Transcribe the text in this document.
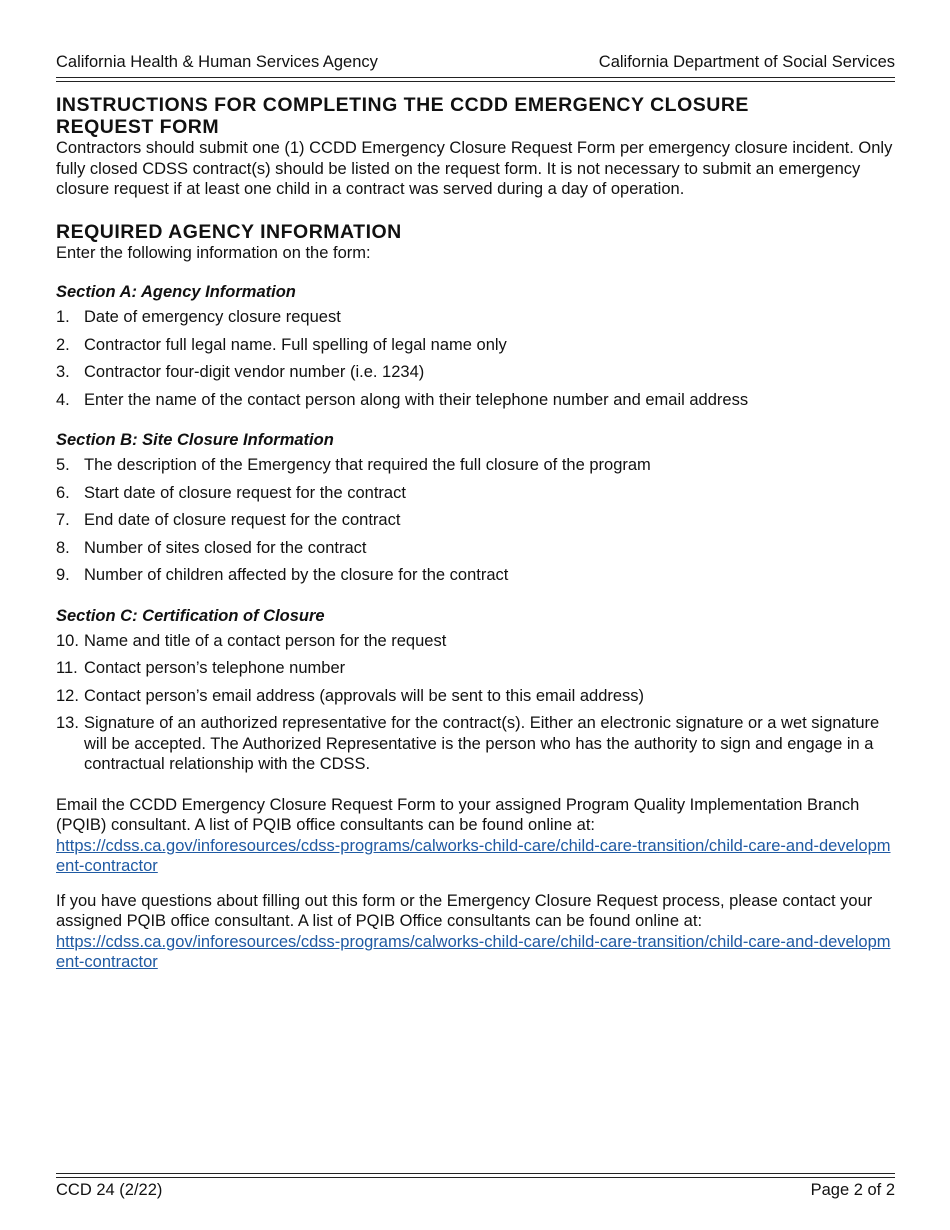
California Health & Human Services Agency	California Department of Social Services
INSTRUCTIONS FOR COMPLETING THE CCDD EMERGENCY CLOSURE REQUEST FORM

Contractors should submit one (1) CCDD Emergency Closure Request Form per emergency closure incident. Only fully closed CDSS contract(s) should be listed on the request form. It is not necessary to submit an emergency closure request if at least one child in a contract was served during a day of operation.

REQUIRED AGENCY INFORMATION

Enter the following information on the form:

Section A: Agency Information
1. Date of emergency closure request
2. Contractor full legal name. Full spelling of legal name only
3. Contractor four-digit vendor number (i.e. 1234)
4. Enter the name of the contact person along with their telephone number and email address
Section B: Site Closure Information
5. The description of the Emergency that required the full closure of the program
6. Start date of closure request for the contract
7. End date of closure request for the contract
8. Number of sites closed for the contract
9. Number of children affected by the closure for the contract
Section C: Certification of Closure
10. Name and title of a contact person for the request
11. Contact person’s telephone number
12. Contact person’s email address (approvals will be sent to this email address)
13. Signature of an authorized representative for the contract(s). Either an electronic signature or a wet signature will be accepted. The Authorized Representative is the person who has the authority to sign and engage in a contractual relationship with the CDSS.

Email the CCDD Emergency Closure Request Form to your assigned Program Quality Implementation Branch (PQIB) consultant. A list of PQIB office consultants can be found online at:
https://cdss.ca.gov/inforesources/cdss-programs/calworks-child-care/child-care-transition/child-care-and-development-contractor

If you have questions about filling out this form or the Emergency Closure Request process, please contact your assigned PQIB office consultant. A list of PQIB Office consultants can be found online at:
https://cdss.ca.gov/inforesources/cdss-programs/calworks-child-care/child-care-transition/child-care-and-development-contractor

CCD 24 (2/22)	Page 2 of 2
